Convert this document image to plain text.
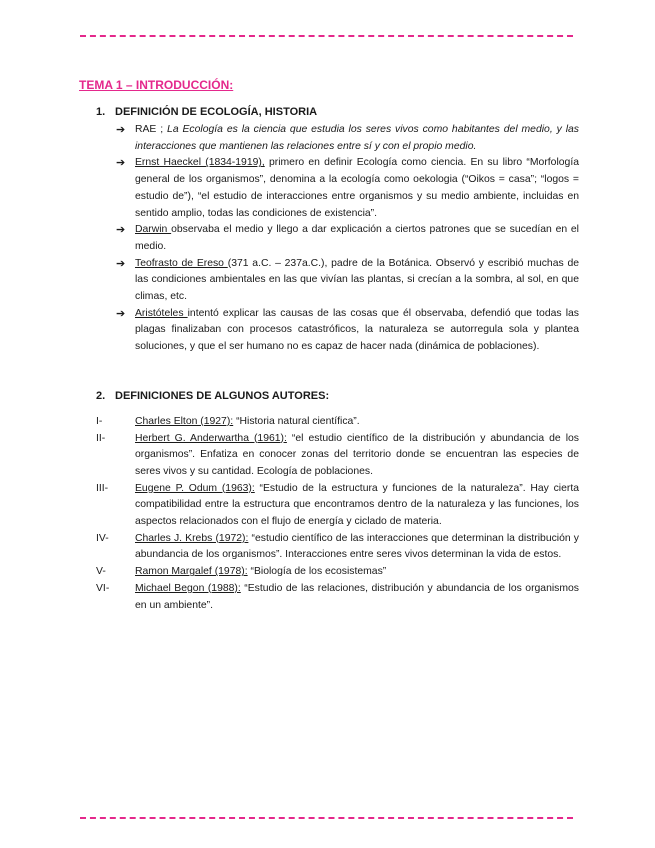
TEMA 1 – INTRODUCCIÓN:
1. DEFINICIÓN DE ECOLOGÍA, HISTORIA
➔ RAE ; La Ecología es la ciencia que estudia los seres vivos como habitantes del medio, y las interacciones que mantienen las relaciones entre sí y con el propio medio.
➔ Ernst Haeckel (1834-1919), primero en definir Ecología como ciencia. En su libro “Morfología general de los organismos”, denomina a la ecología como oekologia (“Oikos = casa”; “logos = estudio de”), “el estudio de interacciones entre organismos y su medio ambiente, incluidas en sentido amplio, todas las condiciones de existencia”.
➔ Darwin observaba el medio y llego a dar explicación a ciertos patrones que se sucedían en el medio.
➔ Teofrasto de Ereso (371 a.C. – 237a.C.), padre de la Botánica. Observó y escribió muchas de las condiciones ambientales en las que vivían las plantas, si crecían a la sombra, al sol, en que climas, etc.
➔ Aristóteles intentó explicar las causas de las cosas que él observaba, defendió que todas las plagas finalizaban con procesos catastróficos, la naturaleza se autorregula sola y plantea soluciones, y que el ser humano no es capaz de hacer nada (dinámica de poblaciones).
2. DEFINICIONES DE ALGUNOS AUTORES:
I-	Charles Elton (1927): “Historia natural científica”.
II-	Herbert G. Anderwartha (1961): “el estudio científico de la distribución y abundancia de los organismos”. Enfatiza en conocer zonas del territorio donde se encuentran las especies de seres vivos y su cantidad. Ecología de poblaciones.
III-	Eugene P. Odum (1963): “Estudio de la estructura y funciones de la naturaleza”. Hay cierta compatibilidad entre la estructura que encontramos dentro de la naturaleza y las funciones, los aspectos relacionados con el flujo de energía y ciclado de materia.
IV-	Charles J. Krebs (1972): “estudio científico de las interacciones que determinan la distribución y abundancia de los organismos”. Interacciones entre seres vivos determinan la vida de estos.
V-	Ramon Margalef (1978): “Biología de los ecosistemas”
VI-	Michael Begon (1988): “Estudio de las relaciones, distribución y abundancia de los organismos en un ambiente”.
